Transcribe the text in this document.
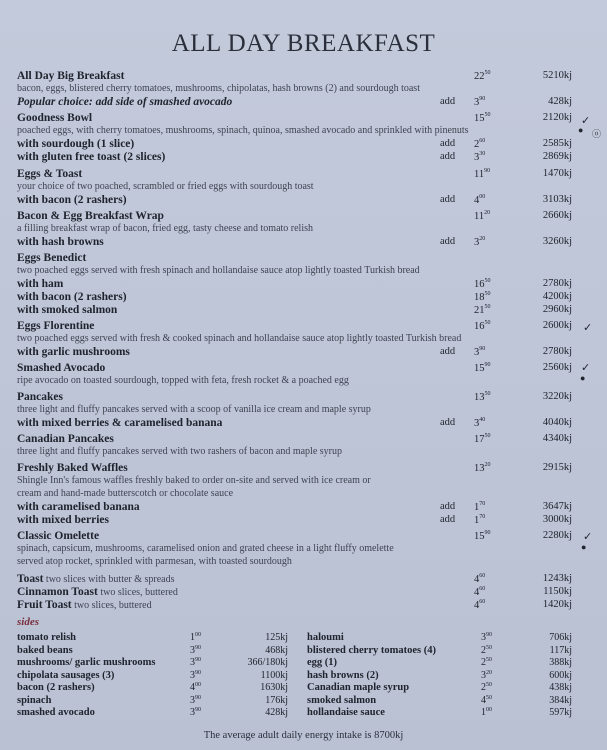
ALL DAY BREAKFAST
All Day Big Breakfast	$22^{50}$	5210kj
bacon, eggs, blistered cherry tomatoes, mushrooms, chipolatas, hash browns (2) and sourdough toast
Popular choice: add side of smashed avocado	add $3^{90}$	428kj
Goodness Bowl	$15^{50}$	2120kj
poached eggs, with cherry tomatoes, mushrooms, spinach, quinoa, smashed avocado and sprinkled with pinenuts
with sourdough (1 slice)	add $2^{60}$	2585kj
with gluten free toast (2 slices)	add $3^{30}$	2869kj
Eggs & Toast	$11^{90}$	1470kj
your choice of two poached, scrambled or fried eggs with sourdough toast
with bacon (2 rashers)	add $4^{00}$	3103kj
Bacon & Egg Breakfast Wrap	$11^{20}$	2660kj
a filling breakfast wrap of bacon, fried egg, tasty cheese and tomato relish
with hash browns	add $3^{20}$	3260kj
Eggs Benedict
two poached eggs served with fresh spinach and hollandaise sauce atop lightly toasted Turkish bread
with ham	$16^{50}$	2780kj
with bacon (2 rashers)	$18^{50}$	4200kj
with smoked salmon	$21^{50}$	2960kj
Eggs Florentine	$16^{50}$	2600kj
two poached eggs served with fresh & cooked spinach and hollandaise sauce atop lightly toasted Turkish bread
with garlic mushrooms	add $3^{90}$	2780kj
Smashed Avocado	$15^{90}$	2560kj
ripe avocado on toasted sourdough, topped with feta, fresh rocket & a poached egg
Pancakes	$13^{50}$	3220kj
three light and fluffy pancakes served with a scoop of vanilla ice cream and maple syrup
with mixed berries & caramelised banana	add $3^{40}$	4040kj
Canadian Pancakes	$17^{50}$	4340kj
three light and fluffy pancakes served with two rashers of bacon and maple syrup
Freshly Baked Waffles	$13^{20}$	2915kj
Shingle Inn's famous waffles freshly baked to order on-site and served with ice cream or
cream and hand-made butterscotch or chocolate sauce
with caramelised banana	add $1^{70}$	3647kj
with mixed berries	add $1^{70}$	3000kj
Classic Omelette	$15^{90}$	2280kj
spinach, capsicum, mushrooms, caramelised onion and grated cheese in a light fluffy omelette
served atop rocket, sprinkled with parmesan, with toasted sourdough
Toast two slices with butter & spreads	$4^{60}$	1243kj
Cinnamon Toast two slices, buttered	$4^{60}$	1150kj
Fruit Toast two slices, buttered	$4^{60}$	1420kj
sides
tomato relish	$1^{00}$	125kj
baked beans	$3^{90}$	468kj
mushrooms/ garlic mushrooms	$3^{90}$	366/180kj
chipolata sausages (3)	$3^{90}$	1100kj
bacon (2 rashers)	$4^{00}$	1630kj
spinach	$3^{90}$	176kj
smashed avocado	$3^{90}$	428kj
haloumi	$3^{90}$	706kj
blistered cherry tomatoes (4)	$2^{50}$	117kj
egg (1)	$2^{50}$	388kj
hash browns (2)	$3^{20}$	600kj
Canadian maple syrup	$2^{50}$	438kj
smoked salmon	$4^{50}$	384kj
hollandaise sauce	$1^{00}$	597kj
✓
● ⓞ
✓
✓
●
✓
●
The average adult daily energy intake is 8700kj
